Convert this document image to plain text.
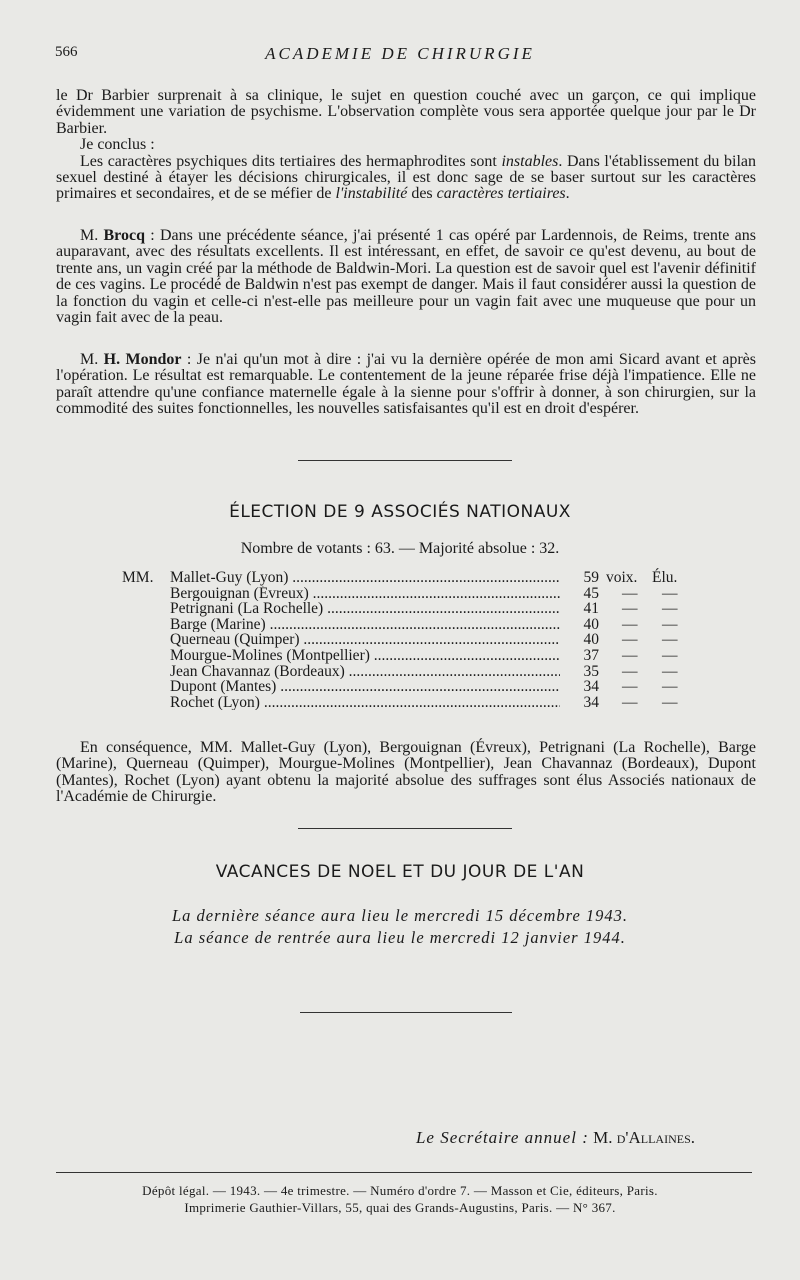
566	ACADEMIE DE CHIRURGIE

le Dr Barbier surprenait à sa clinique, le sujet en question couché avec un garçon, ce qui implique évidemment une variation de psychisme. L'observation complète vous sera apportée quelque jour par le Dr Barbier.

Je conclus :

Les caractères psychiques dits tertiaires des hermaphrodites sont instables. Dans l'établissement du bilan sexuel destiné à étayer les décisions chirurgicales, il est donc sage de se baser surtout sur les caractères primaires et secondaires, et de se méfier de l'instabilité des caractères tertiaires.

M. Brocq : Dans une précédente séance, j'ai présenté 1 cas opéré par Lardennois, de Reims, trente ans auparavant, avec des résultats excellents. Il est intéressant, en effet, de savoir ce qu'est devenu, au bout de trente ans, un vagin créé par la méthode de Baldwin-Mori. La question est de savoir quel est l'avenir définitif de ces vagins. Le procédé de Baldwin n'est pas exempt de danger. Mais il faut considérer aussi la question de la fonction du vagin et celle-ci n'est-elle pas meilleure pour un vagin fait avec une muqueuse que pour un vagin fait avec de la peau.

M. H. Mondor : Je n'ai qu'un mot à dire : j'ai vu la dernière opérée de mon ami Sicard avant et après l'opération. Le résultat est remarquable. Le contentement de la jeune réparée frise déjà l'impatience. Elle ne paraît attendre qu'une confiance maternelle égale à la sienne pour s'offrir à donner, à son chirurgien, sur la commodité des suites fonctionnelles, les nouvelles satisfaisantes qu'il est en droit d'espérer.

ÉLECTION DE 9 ASSOCIÉS NATIONAUX
Nombre de votants : 63. — Majorité absolue : 32.
MM. Mallet-Guy (Lyon) .....	59 voix. Élu.
Bergouignan (Évreux) .....	45 — —
Petrignani (La Rochelle) .....	41 — —
Barge (Marine) .....	40 — —
Querneau (Quimper) .....	40 — —
Mourgue-Molines (Montpellier) .....	37 — —
Jean Chavannaz (Bordeaux) .....	35 — —
Dupont (Mantes) .....	34 — —
Rochet (Lyon) .....	34 — —

En conséquence, MM. Mallet-Guy (Lyon), Bergouignan (Évreux), Petrignani (La Rochelle), Barge (Marine), Querneau (Quimper), Mourgue-Molines (Montpellier), Jean Chavannaz (Bordeaux), Dupont (Mantes), Rochet (Lyon) ayant obtenu la majorité absolue des suffrages sont élus Associés nationaux de l'Académie de Chirurgie.

VACANCES DE NOEL ET DU JOUR DE L'AN
La dernière séance aura lieu le mercredi 15 décembre 1943.
La séance de rentrée aura lieu le mercredi 12 janvier 1944.
Le Secrétaire annuel : M. d'Allaines.
Dépôt légal. — 1943. — 4e trimestre. — Numéro d'ordre 7. — Masson et Cie, éditeurs, Paris.
Imprimerie Gauthier-Villars, 55, quai des Grands-Augustins, Paris. — N° 367.
